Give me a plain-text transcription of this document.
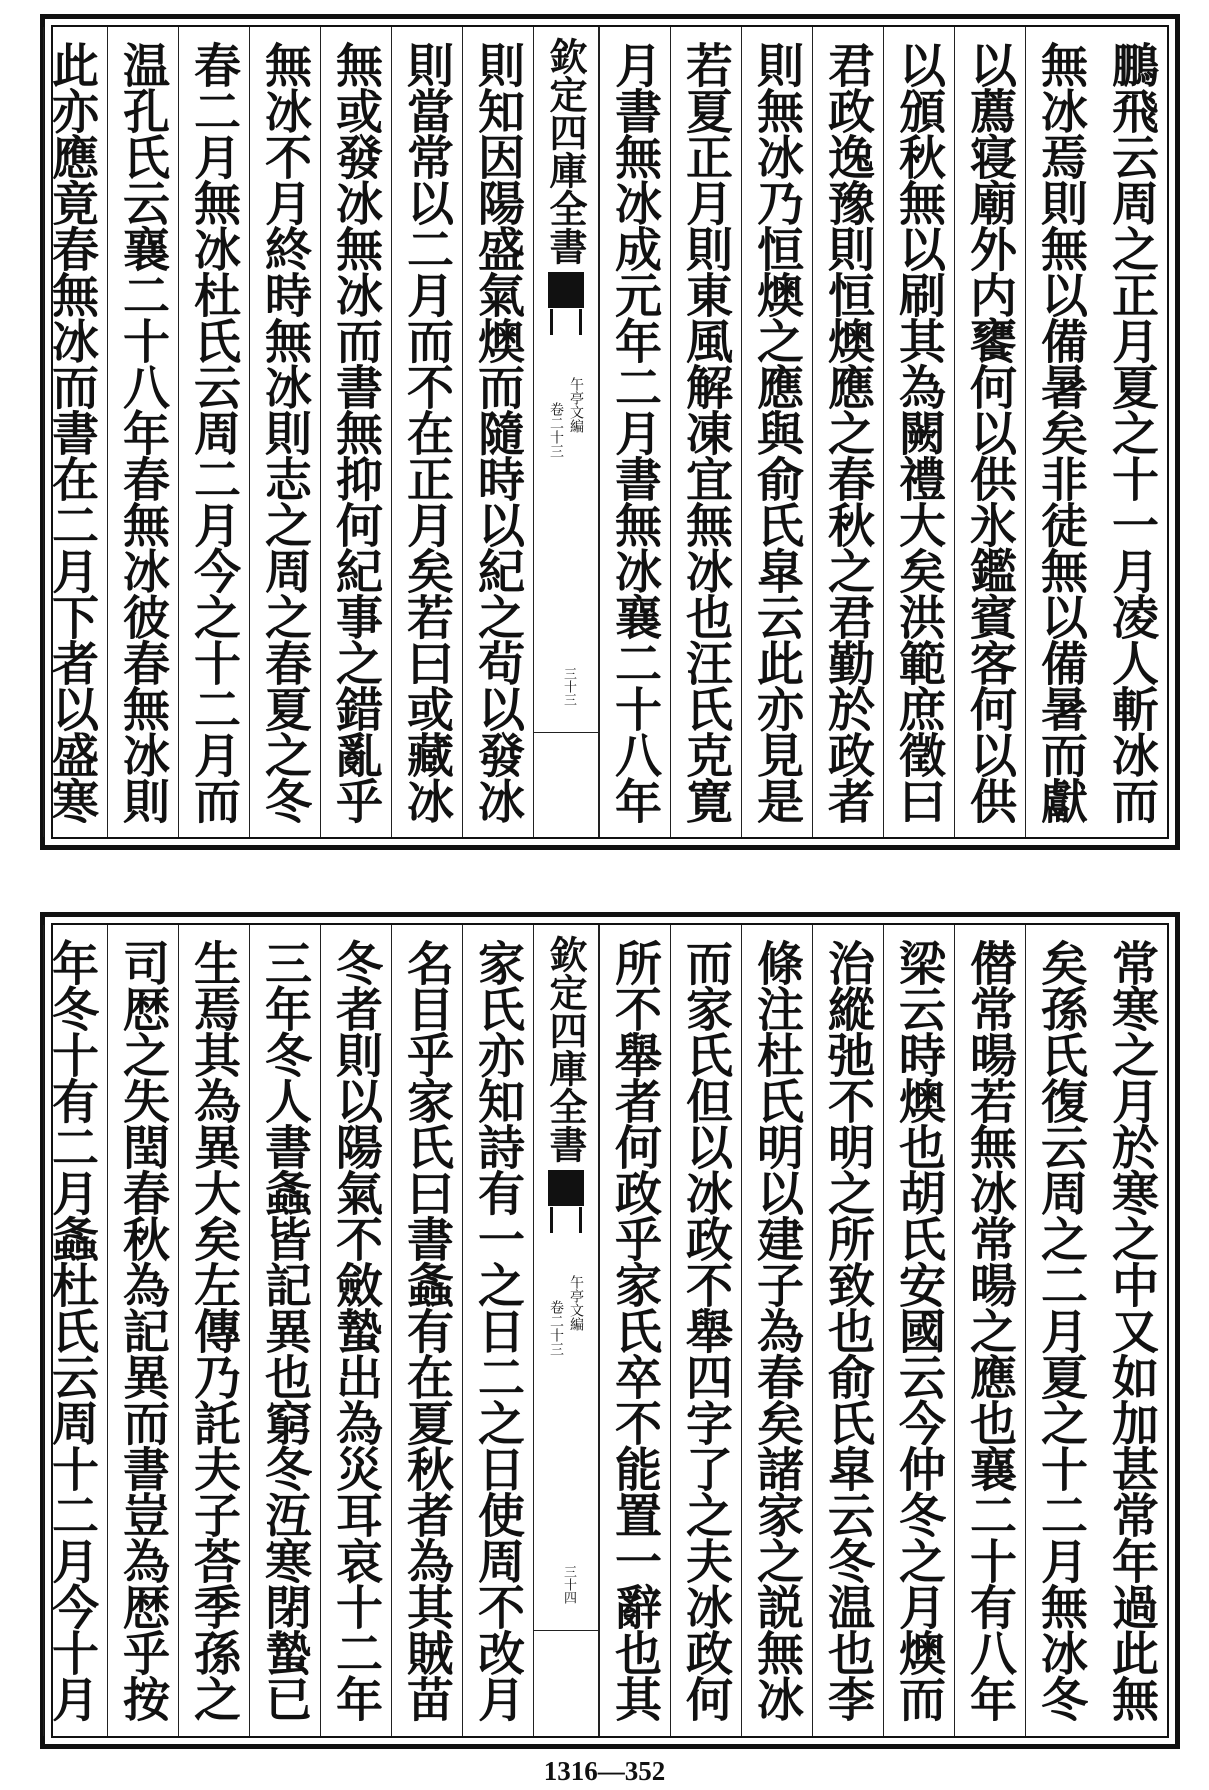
鵬飛云周之正月夏之十一月凌人斬冰而
無冰焉則無以備暑矣非徒無以備暑而獻
以薦寝廟外内饔何以供氷鑑賓客何以供
以頒秋無以刷其為闕禮大矣洪範庶徵曰
君政逸豫則恒燠應之春秋之君勤於政者
則無冰乃恒燠之應與俞氏皐云此亦見是
若夏正月則東風解凍宜無冰也汪氏克寛
月書無冰成元年二月書無冰襄二十八年
欽定四庫全書
午亭文編
卷二十三
三十三
則知因陽盛氣燠而隨時以紀之茍以發冰
則當常以二月而不在正月矣若曰或藏冰
無或發冰無冰而書無抑何紀事之錯亂乎
無冰不月終時無冰則志之周之春夏之冬
春二月無冰杜氏云周二月今之十二月而
温孔氏云襄二十八年春無冰彼春無冰則
此亦應竟春無冰而書在二月下者以盛寒
常寒之月於寒之中又如加甚常年過此無
矣孫氏復云周之二月夏之十二月無冰冬
僣常暘若無冰常暘之應也襄二十有八年
梁云時燠也胡氏安國云今仲冬之月燠而
治縱弛不明之所致也俞氏皐云冬温也李
條注杜氏明以建子為春矣諸家之説無冰
而家氏但以冰政不舉四字了之夫冰政何
所不舉者何政乎家氏卒不能置一辭也其
欽定四庫全書
午亭文編
卷二十三
三十四
家氏亦知詩有一之日二之日使周不改月
名目乎家氏曰書螽有在夏秋者為其賊苗
冬者則以陽氣不斂蟄出為災耳哀十二年
三年冬人書螽皆記異也窮冬沍寒閉蟄已
生焉其為異大矣左傳乃託夫子荅季孫之
司厯之失閏春秋為記異而書豈為厯乎按
年冬十有二月螽杜氏云周十二月今十月
1316—352
